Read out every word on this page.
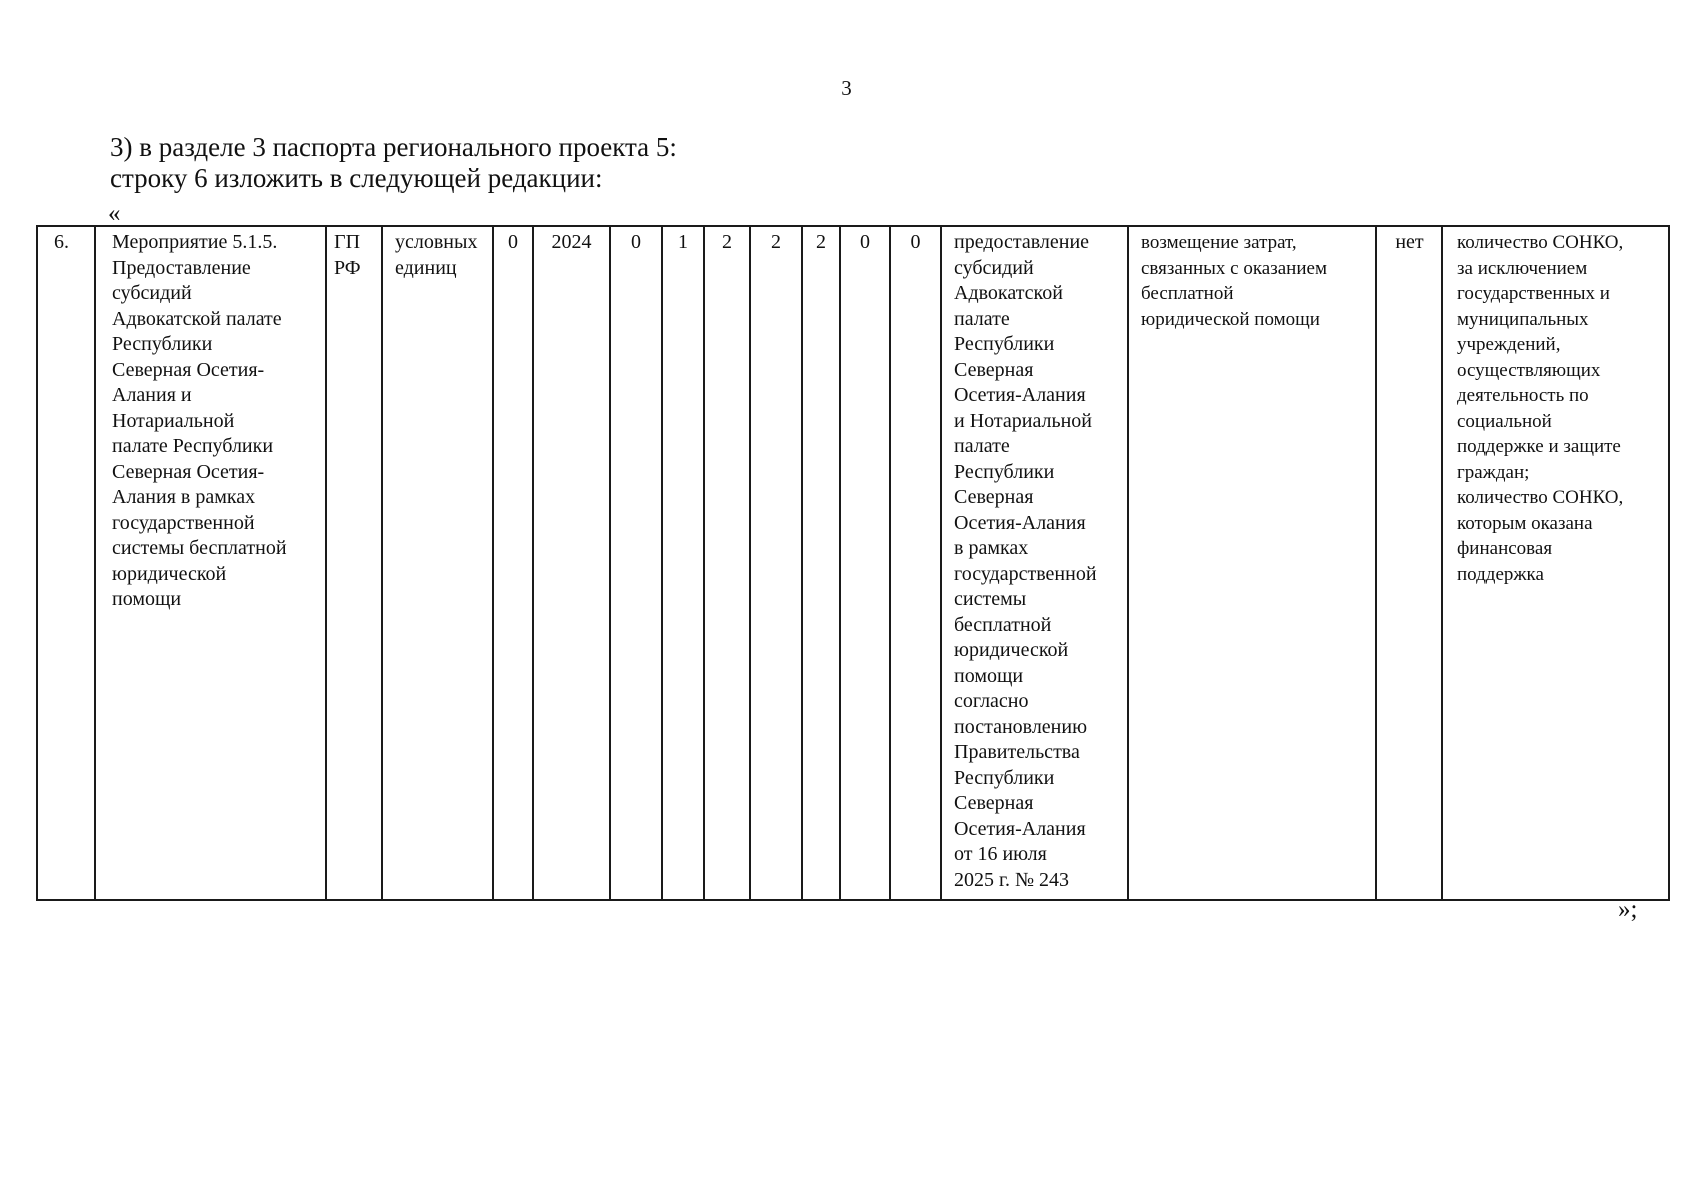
3
3) в разделе 3 паспорта регионального проекта 5:
строку 6 изложить в следующей редакции:
«
6.	Мероприятие 5.1.5.
Предоставление
субсидий
Адвокатской палате
Республики
Северная Осетия-
Алания и
Нотариальной
палате Республики
Северная Осетия-
Алания в рамках
государственной
системы бесплатной
юридической
помощи	ГП
РФ	условных
единиц	0	2024	0	1	2	2	2	0	0	предоставление
субсидий
Адвокатской
палате
Республики
Северная
Осетия-Алания
и Нотариальной
палате
Республики
Северная
Осетия-Алания
в рамках
государственной
системы
бесплатной
юридической
помощи
согласно
постановлению
Правительства
Республики
Северная
Осетия-Алания
от 16 июля
2025 г. № 243	возмещение затрат,
связанных с оказанием
бесплатной
юридической помощи	нет	количество СОНКО,
за исключением
государственных и
муниципальных
учреждений,
осуществляющих
деятельность по
социальной
поддержке и защите
граждан;
количество СОНКО,
которым оказана
финансовая
поддержка
»;
